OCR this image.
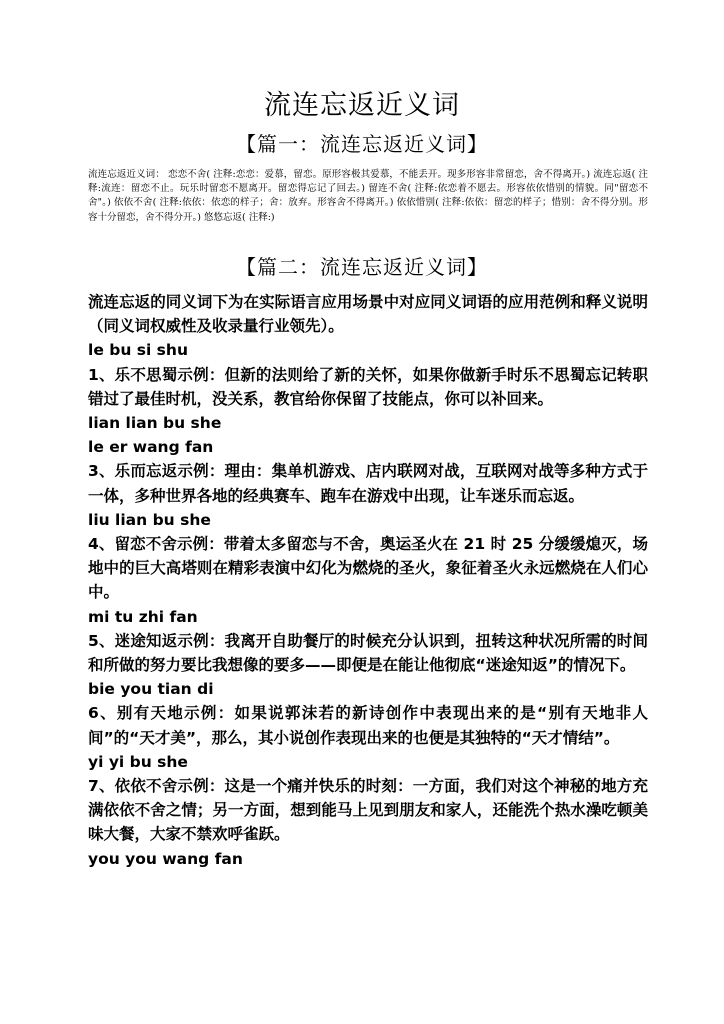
流连忘返近义词
【篇一：流连忘返近义词】
流连忘返近义词： 恋恋不舍( 注释:恋恋：爱慕，留恋。原形容极其爱慕，不能丢开。现多形容非常留恋，舍不得离开。) 流连忘返( 注释:流连：留恋不止。玩乐时留恋不愿离开。留恋得忘记了回去。) 留连不舍( 注释:依恋着不愿去。形容依依惜别的情貌。同"留恋不舍"。) 依依不舍( 注释:依依：依恋的样子；舍：放弃。形容舍不得离开。) 依依惜别( 注释:依依：留恋的样子；惜别：舍不得分别。形容十分留恋，舍不得分开。) 悠悠忘返( 注释:)
【篇二：流连忘返近义词】

流连忘返的同义词下为在实际语言应用场景中对应同义词语的应用范例和释义说明（同义词权威性及收录量行业领先）。

le bu si shu

1、乐不思蜀示例：但新的法则给了新的关怀，如果你做新手时乐不思蜀忘记转职错过了最佳时机，没关系，教官给你保留了技能点，你可以补回来。

lian lian bu she

le er wang fan

3、乐而忘返示例：理由：集单机游戏、店内联网对战，互联网对战等多种方式于一体，多种世界各地的经典赛车、跑车在游戏中出现，让车迷乐而忘返。

liu lian bu she

4、留恋不舍示例：带着太多留恋与不舍，奥运圣火在 21 时 25 分缓缓熄灭，场地中的巨大高塔则在精彩表演中幻化为燃烧的圣火，象征着圣火永远燃烧在人们心中。

mi tu zhi fan

5、迷途知返示例：我离开自助餐厅的时候充分认识到，扭转这种状况所需的时间和所做的努力要比我想像的要多——即便是在能让他彻底“迷途知返”的情况下。

bie you tian di

6、别有天地示例：如果说郭沫若的新诗创作中表现出来的是“别有天地非人间”的“天才美”，那么，其小说创作表现出来的也便是其独特的“天才情结”。

yi yi bu she

7、依依不舍示例：这是一个痛并快乐的时刻：一方面，我们对这个神秘的地方充满依依不舍之情；另一方面，想到能马上见到朋友和家人，还能洗个热水澡吃顿美味大餐，大家不禁欢呼雀跃。

you you wang fan
